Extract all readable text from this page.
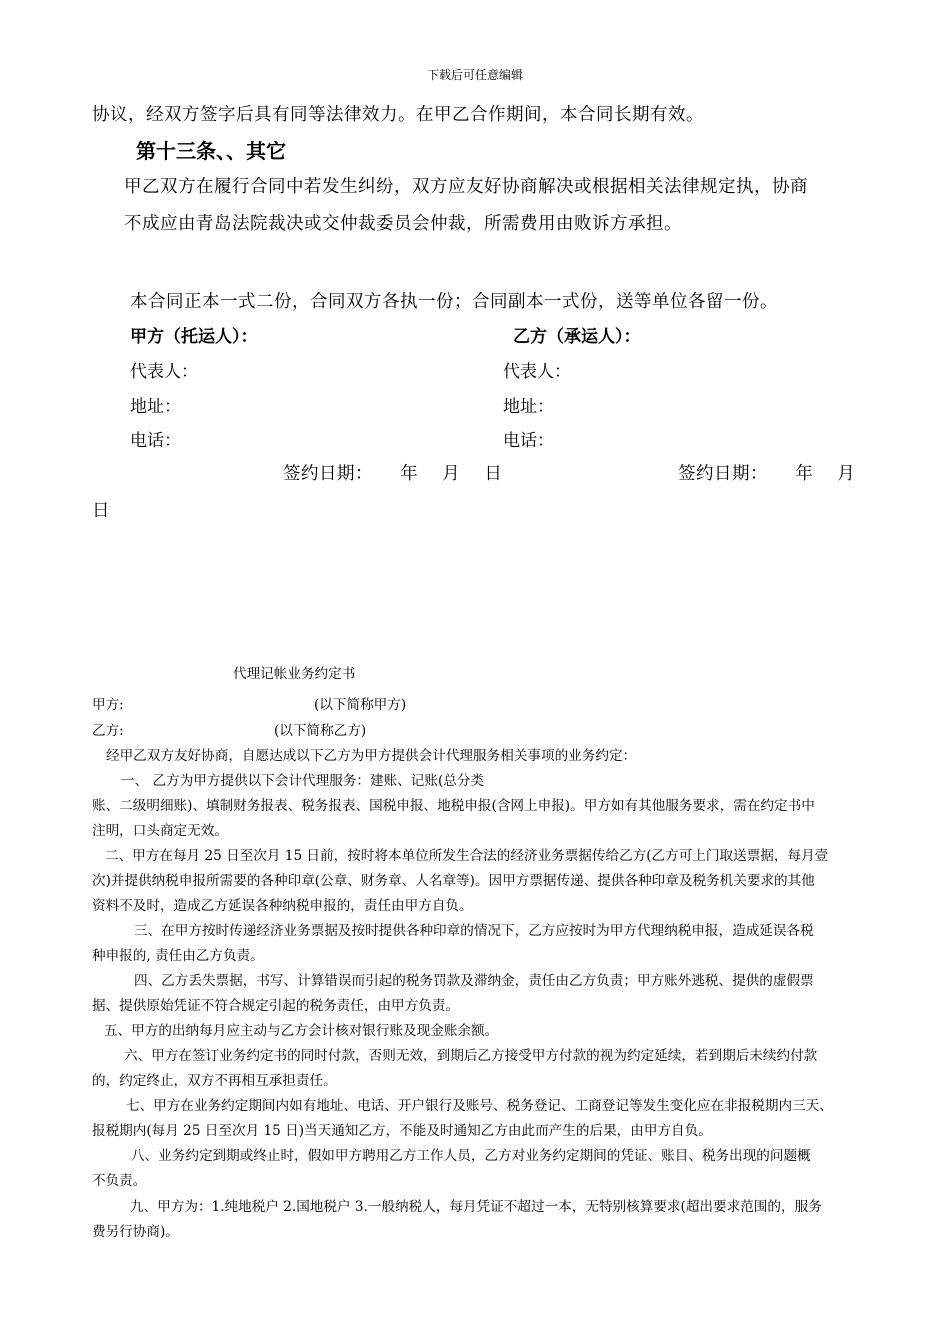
下载后可任意编辑
协议，经双方签字后具有同等法律效力。在甲乙合作期间，本合同长期有效。
第十三条、、其它
甲乙双方在履行合同中若发生纠纷，双方应友好协商解决或根据相关法律规定执，协商
不成应由青岛法院裁决或交仲裁委员会仲裁，所需费用由败诉方承担。
本合同正本一式二份，合同双方各执一份；合同副本一式份，送等单位各留一份。
甲方（托运人）：	乙方（承运人）：
代表人：	代表人：
地址：	地址：
电话：	电话：
签约日期：　　年　 月　 日	签约日期：　　年　 月
日
代理记帐业务约定书
甲方:	(以下简称甲方)
乙方:	(以下简称乙方)
经甲乙双方友好协商，自愿达成以下乙方为甲方提供会计代理服务相关事项的业务约定：
一、 乙方为甲方提供以下会计代理服务：建账、记账(总分类
账、二级明细账)、填制财务报表、税务报表、国税申报、地税申报(含网上申报)。甲方如有其他服务要求，需在约定书中
注明，口头商定无效。
二、甲方在每月 25 日至次月 15 日前，按时将本单位所发生合法的经济业务票据传给乙方(乙方可上门取送票据，每月壹
次)并提供纳税申报所需要的各种印章(公章、财务章、人名章等)。因甲方票据传递、提供各种印章及税务机关要求的其他
资料不及时，造成乙方延误各种纳税申报的，责任由甲方自负。
三、在甲方按时传递经济业务票据及按时提供各种印章的情况下，乙方应按时为甲方代理纳税申报，造成延误各税
种申报的, 责任由乙方负责。
四、乙方丢失票据，书写、计算错误而引起的税务罚款及滞纳金，责任由乙方负责；甲方账外逃税、提供的虚假票
据、提供原始凭证不符合规定引起的税务责任，由甲方负责。
五、甲方的出纳每月应主动与乙方会计核对银行账及现金账余额。
六、甲方在签订业务约定书的同时付款，否则无效，到期后乙方接受甲方付款的视为约定延续，若到期后未续约付款
的，约定终止，双方不再相互承担责任。
七、甲方在业务约定期间内如有地址、电话、开户银行及账号、税务登记、工商登记等发生变化应在非报税期内三天、
报税期内(每月 25 日至次月 15 日)当天通知乙方，不能及时通知乙方由此而产生的后果，由甲方自负。
八、业务约定到期或终止时，假如甲方聘用乙方工作人员，乙方对业务约定期间的凭证、账目、税务出现的问题概
不负责。
九、甲方为：1.纯地税户 2.国地税户 3.一般纳税人，每月凭证不超过一本，无特别核算要求(超出要求范围的，服务
费另行协商)。
